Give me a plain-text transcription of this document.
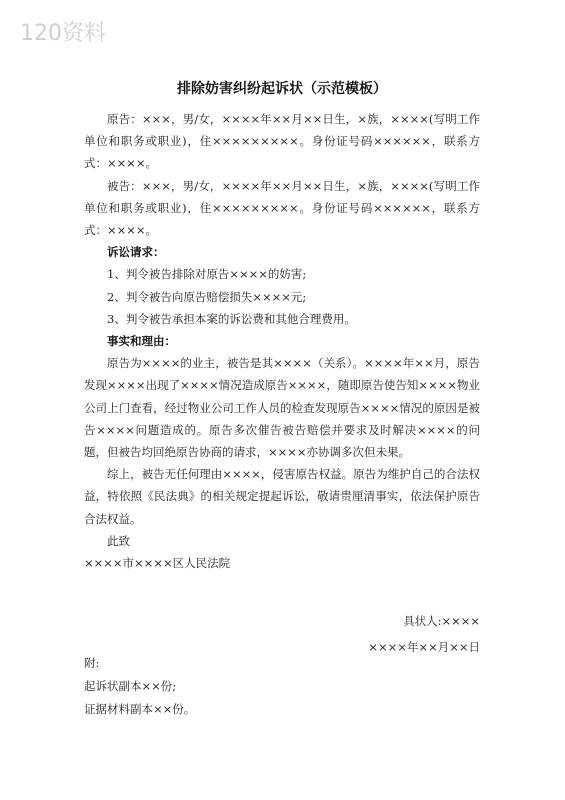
120资料
排除妨害纠纷起诉状（示范模板）

原告：×××，男/女，××××年××月××日生，×族，××××(写明工作单位和职务或职业)，住×××××××××。身份证号码××××××，联系方式：××××。

被告：×××，男/女，××××年××月××日生，×族，××××(写明工作单位和职务或职业)，住×××××××××。身份证号码××××××，联系方式：××××。

诉讼请求：

1、判令被告排除对原告××××的妨害;

2、判令被告向原告赔偿损失××××元;

3、判令被告承担本案的诉讼费和其他合理费用。

事实和理由：

原告为××××的业主，被告是其××××（关系）。××××年××月，原告发现××××出现了××××情况造成原告××××，随即原告使告知××××物业公司上门查看，经过物业公司工作人员的检查发现原告××××情况的原因是被告××××问题造成的。原告多次催告被告赔偿并要求及时解决××××的问题，但被告均回绝原告协商的请求，××××亦协调多次但未果。

综上，被告无任何理由××××，侵害原告权益。原告为维护自己的合法权益，特依照《民法典》的相关规定提起诉讼，敬请贵厘清事实，依法保护原告合法权益。

此致

××××市××××区人民法院

具状人:××××
××××年××月××日
附:
起诉状副本××份;
证据材料副本××份。
